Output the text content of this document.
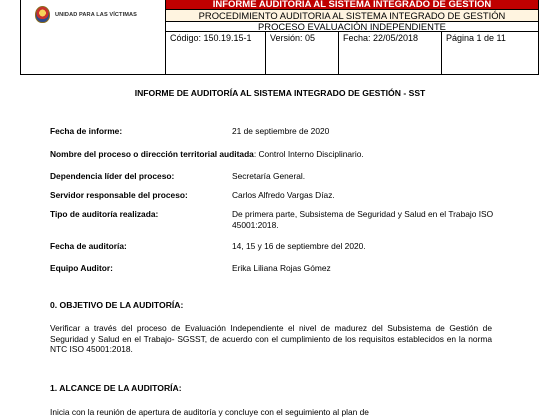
UNIDAD PARA LAS VÍCTIMAS
INFORME AUDITORÍA AL SISTEMA INTEGRADO DE GESTIÓN
PROCEDIMIENTO AUDITORIA AL SISTEMA INTEGRADO DE GESTIÓN
PROCESO EVALUACIÓN INDEPENDIENTE
Código: 150.19.15-1	Versión: 05	Fecha: 22/05/2018	Página 1 de 11
INFORME DE AUDITORÍA AL SISTEMA INTEGRADO DE GESTIÓN - SST
Fecha de informe:	21 de septiembre de 2020
Nombre del proceso o dirección territorial auditada: Control Interno Disciplinario.
Dependencia líder del proceso:	Secretaría General.
Servidor responsable del proceso:	Carlos Alfredo Vargas Díaz.
Tipo de auditoría realizada:	De primera parte, Subsistema de Seguridad y Salud en el Trabajo ISO 45001:2018.
Fecha de auditoría:	14, 15 y 16 de septiembre del 2020.
Equipo Auditor:	Erika Liliana Rojas Gómez
0. OBJETIVO DE LA AUDITORÍA:
Verificar a través del proceso de Evaluación Independiente el nivel de madurez del Subsistema de Gestión de Seguridad y Salud en el Trabajo- SGSST, de acuerdo con el cumplimiento de los requisitos establecidos en la norma NTC ISO 45001:2018.
1. ALCANCE DE LA AUDITORÍA:
Inicia con la reunión de apertura de auditoría y concluye con el seguimiento al plan de
